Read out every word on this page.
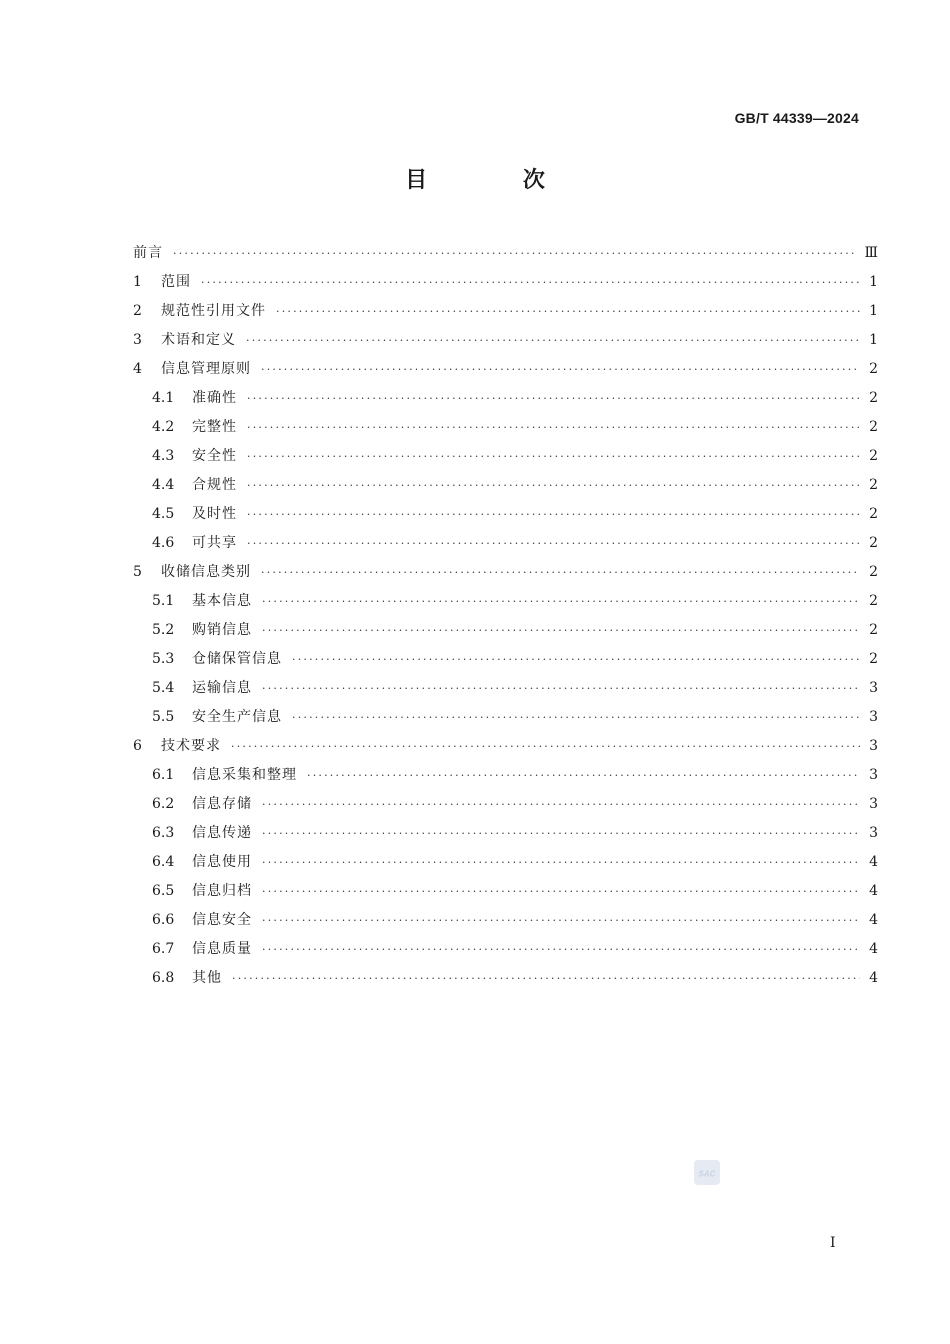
GB/T 44339—2024
目 次
前言 ·····	Ⅲ
1	范围 ·····	1
2	规范性引用文件 ·····	1
3	术语和定义 ·····	1
4	信息管理原则 ·····	2
4.1	准确性 ·····	2
4.2	完整性 ·····	2
4.3	安全性 ·····	2
4.4	合规性 ·····	2
4.5	及时性 ·····	2
4.6	可共享 ·····	2
5	收储信息类别 ·····	2
5.1	基本信息 ·····	2
5.2	购销信息 ·····	2
5.3	仓储保管信息 ·····	2
5.4	运输信息 ·····	3
5.5	安全生产信息 ·····	3
6	技术要求 ·····	3
6.1	信息采集和整理 ·····	3
6.2	信息存储 ·····	3
6.3	信息传递 ·····	3
6.4	信息使用 ·····	4
6.5	信息归档 ·····	4
6.6	信息安全 ·····	4
6.7	信息质量 ·····	4
6.8	其他 ·····	4
SAC
I
